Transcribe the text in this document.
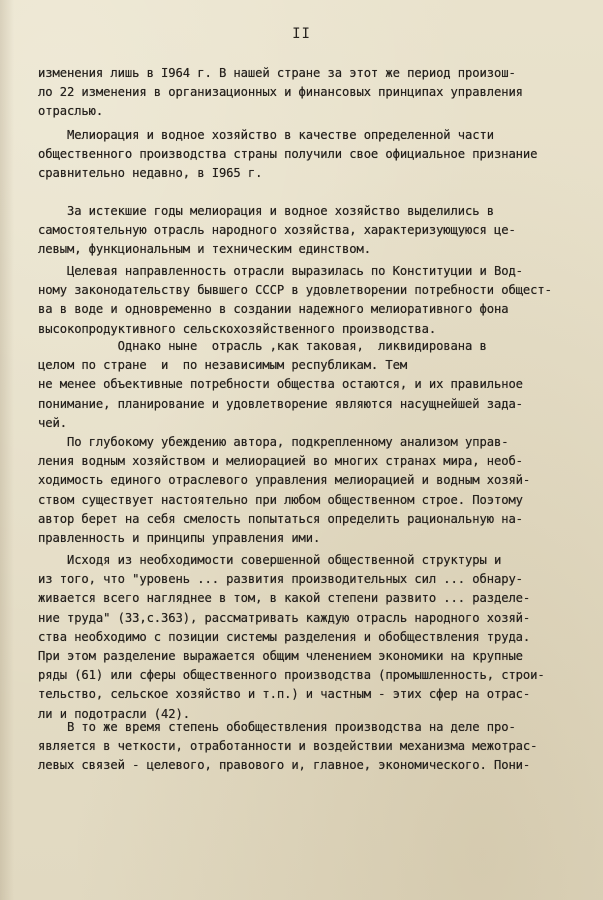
II
изменения лишь в I964 г. В нашей стране за этот же период произош-
ло 22 изменения в организационных и финансовых принципах управления
отраслью.
Мелиорация и водное хозяйство в качестве определенной части
общественного производства страны получили свое официальное признание
сравнительно недавно, в I965 г.
За истекшие годы мелиорация и водное хозяйство выделились в
самостоятельную отрасль народного хозяйства, характеризующуюся це-
левым, функциональным и техническим единством.
Целевая направленность отрасли выразилась по Конституции и Вод-
ному законодательству бывшего СССР в удовлетворении потребности общест-
ва в воде и одновременно в создании надежного мелиоративного фона
высокопродуктивного сельскохозяйственного производства.
Однако ныне  отрасль ,как таковая,  ликвидирована в
целом по стране  и  по независимым республикам. Тем
не менее объективные потребности общества остаются, и их правильное
понимание, планирование и удовлетворение являются насущнейшей зада-
чей.
По глубокому убеждению автора, подкрепленному анализом управ-
ления водным хозяйством и мелиорацией во многих странах мира, необ-
ходимость единого отраслевого управления мелиорацией и водным хозяй-
ством существует настоятельно при любом общественном строе. Поэтому
автор берет на себя смелость попытаться определить рациональную на-
правленность и принципы управления ими.
Исходя из необходимости совершенной общественной структуры и
из того, что "уровень ... развития производительных сил ... обнару-
живается всего нагляднее в том, в какой степени развито ... разделе-
ние труда" (33,с.363), рассматривать каждую отрасль народного хозяй-
ства необходимо с позиции системы разделения и обобществления труда.
При этом разделение выражается общим членением экономики на крупные
ряды (61) или сферы общественного производства (промышленность, строи-
тельство, сельское хозяйство и т.п.) и частным - этих сфер на отрас-
ли и подотрасли (42).
В то же время степень обобществления производства на деле про-
является в четкости, отработанности и воздействии механизма межотрас-
левых связей - целевого, правового и, главное, экономического. Пони-
